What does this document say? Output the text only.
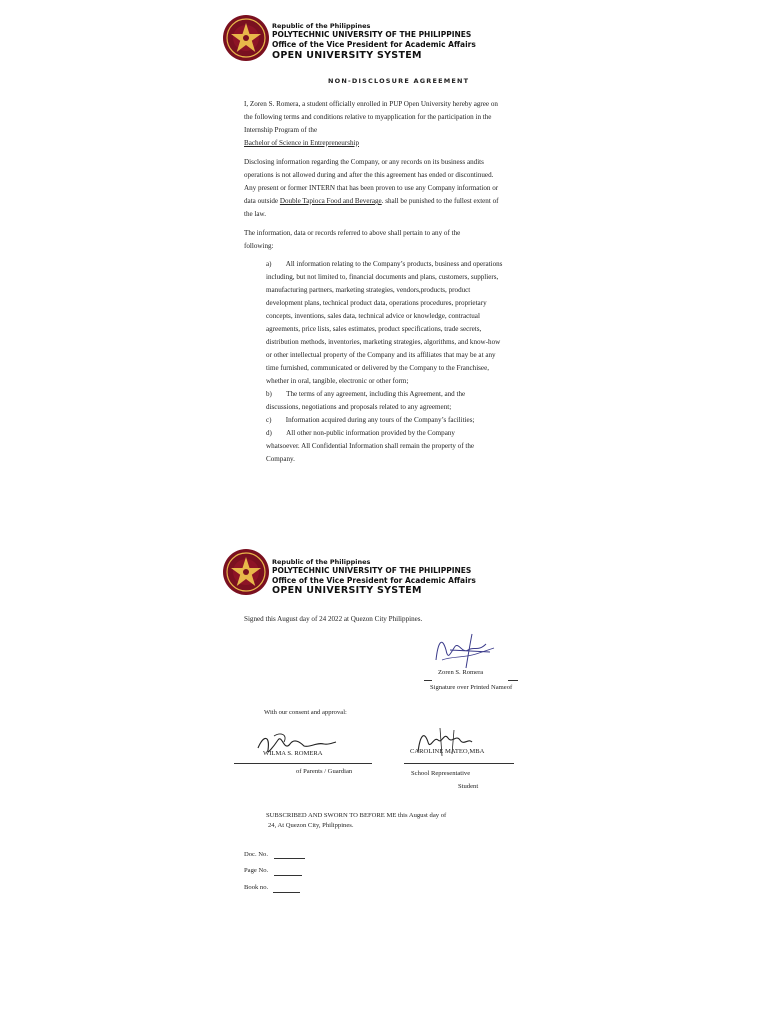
Republic of the Philippines
POLYTECHNIC UNIVERSITY OF THE PHILIPPINES
Office of the Vice President for Academic Affairs
OPEN UNIVERSITY SYSTEM
NON-DISCLOSURE AGREEMENT
I, Zoren S. Romera, a student officially enrolled in PUP Open University hereby agree on
the following terms and conditions relative to myapplication for the participation in the
Internship Program of the
Bachelor of Science in Entrepreneurship
Disclosing information regarding the Company, or any records on its business andits
operations is not allowed during and after the this agreement has ended or discontinued.
Any present or former INTERN that has been proven to use any Company information or
data outside Double Tapioca Food and Beverage. shall be punished to the fullest extent of
the law.
The information, data or records referred to above shall pertain to any of the
following:
a) All information relating to the Company’s products, business and operations
including, but not limited to, financial documents and plans, customers, suppliers,
manufacturing partners, marketing strategies, vendors,products, product
development plans, technical product data, operations procedures, proprietary
concepts, inventions, sales data, technical advice or knowledge, contractual
agreements, price lists, sales estimates, product specifications, trade secrets,
distribution methods, inventories, marketing strategies, algorithms, and know-how
or other intellectual property of the Company and its affiliates that may be at any
time furnished, communicated or delivered by the Company to the Franchisee,
whether in oral, tangible, electronic or other form;
b) The terms of any agreement, including this Agreement, and the
discussions, negotiations and proposals related to any agreement;
c) Information acquired during any tours of the Company’s facilities;
d) All other non-public information provided by the Company
whatsoever. All Confidential Information shall remain the property of the
Company.
Republic of the Philippines
POLYTECHNIC UNIVERSITY OF THE PHILIPPINES
Office of the Vice President for Academic Affairs
OPEN UNIVERSITY SYSTEM
Signed this August day of 24 2022 at Quezon City Philippines.
Zoren S. Romera
Signature over Printed Nameof
With our consent and approval:
WILMA S. ROMERA
of Parents / Guardian
CAROLINE MATEO,MBA
School Representative
Student
SUBSCRIBED AND SWORN TO BEFORE ME this August day of
24, At Quezon City, Philippines.
Doc. No.
Page No.
Book no.
